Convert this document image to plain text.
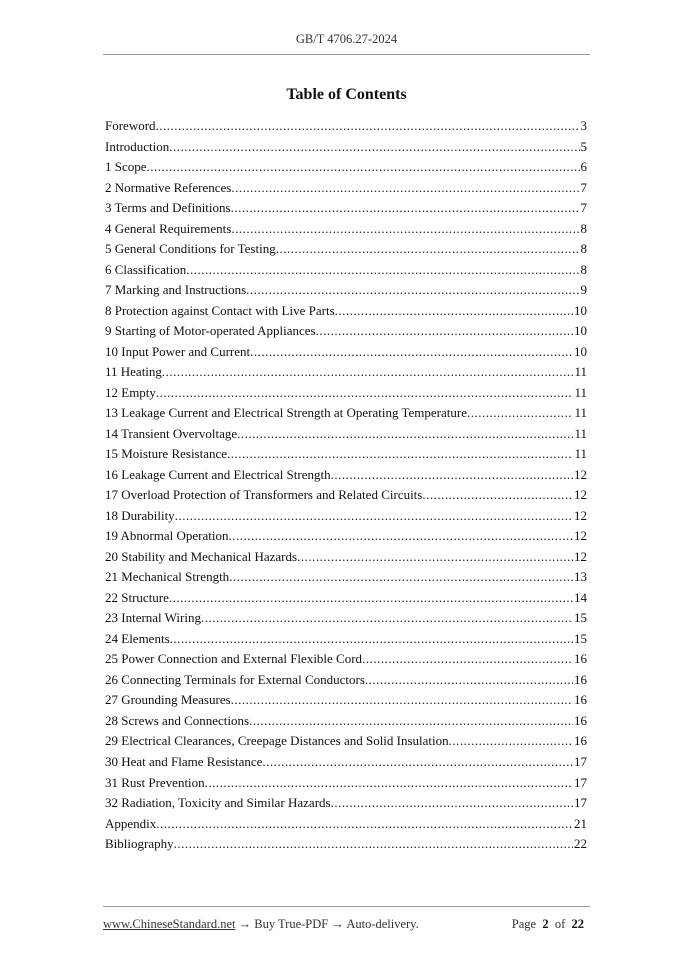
GB/T 4706.27-2024
Table of Contents
Foreword .....	3
Introduction .....	5
1 Scope .....	6
2 Normative References .....	7
3 Terms and Definitions .....	7
4 General Requirements .....	8
5 General Conditions for Testing .....	8
6 Classification .....	8
7 Marking and Instructions .....	9
8 Protection against Contact with Live Parts .....	10
9 Starting of Motor-operated Appliances .....	10
10 Input Power and Current .....	10
11 Heating .....	11
12 Empty .....	11
13 Leakage Current and Electrical Strength at Operating Temperature .....	11
14 Transient Overvoltage .....	11
15 Moisture Resistance .....	11
16 Leakage Current and Electrical Strength .....	12
17 Overload Protection of Transformers and Related Circuits .....	12
18 Durability .....	12
19 Abnormal Operation .....	12
20 Stability and Mechanical Hazards .....	12
21 Mechanical Strength .....	13
22 Structure .....	14
23 Internal Wiring .....	15
24 Elements .....	15
25 Power Connection and External Flexible Cord .....	16
26 Connecting Terminals for External Conductors .....	16
27 Grounding Measures .....	16
28 Screws and Connections .....	16
29 Electrical Clearances, Creepage Distances and Solid Insulation .....	16
30 Heat and Flame Resistance .....	17
31 Rust Prevention .....	17
32 Radiation, Toxicity and Similar Hazards .....	17
Appendix .....	21
Bibliography .....	22
www.ChineseStandard.net → Buy True-PDF → Auto-delivery.	Page 2 of 22
